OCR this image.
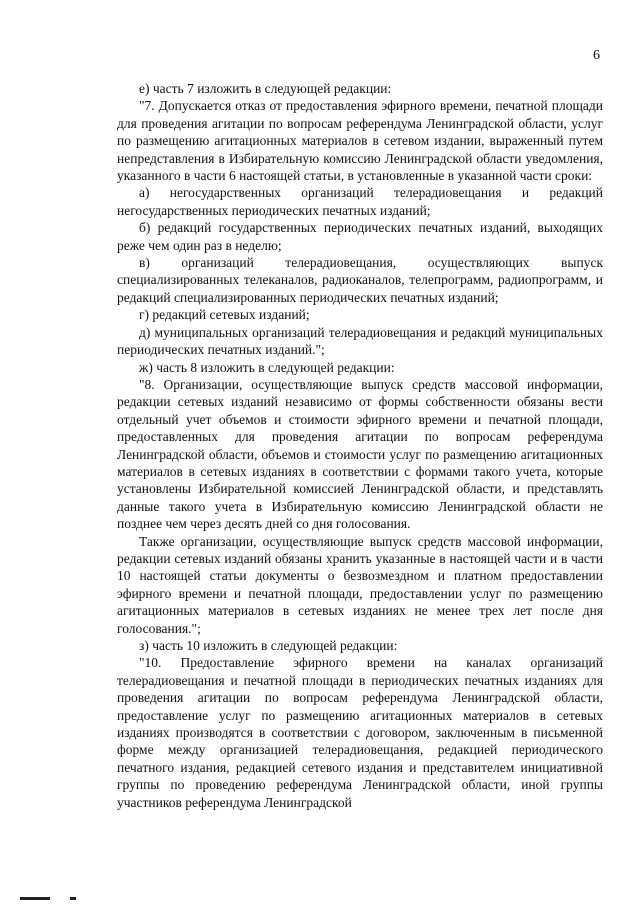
6

е) часть 7 изложить в следующей редакции:

"7. Допускается отказ от предоставления эфирного времени, печатной площади для проведения агитации по вопросам референдума Ленинградской области, услуг по размещению агитационных материалов в сетевом издании, выраженный путем непредставления в Избирательную комиссию Ленинградской области уведомления, указанного в части 6 настоящей статьи, в установленные в указанной части сроки:

а) негосударственных организаций телерадиовещания и редакций негосударственных периодических печатных изданий;

б) редакций государственных периодических печатных изданий, выходящих реже чем один раз в неделю;

в) организаций телерадиовещания, осуществляющих выпуск специализированных телеканалов, радиоканалов, телепрограмм, радиопрограмм, и редакций специализированных периодических печатных изданий;

г) редакций сетевых изданий;

д) муниципальных организаций телерадиовещания и редакций муниципальных периодических печатных изданий.";

ж) часть 8 изложить в следующей редакции:

"8. Организации, осуществляющие выпуск средств массовой информации, редакции сетевых изданий независимо от формы собственности обязаны вести отдельный учет объемов и стоимости эфирного времени и печатной площади, предоставленных для проведения агитации по вопросам референдума Ленинградской области, объемов и стоимости услуг по размещению агитационных материалов в сетевых изданиях в соответствии с формами такого учета, которые установлены Избирательной комиссией Ленинградской области, и представлять данные такого учета в Избирательную комиссию Ленинградской области не позднее чем через десять дней со дня голосования.

Также организации, осуществляющие выпуск средств массовой информации, редакции сетевых изданий обязаны хранить указанные в настоящей части и в части 10 настоящей статьи документы о безвозмездном и платном предоставлении эфирного времени и печатной площади, предоставлении услуг по размещению агитационных материалов в сетевых изданиях не менее трех лет после дня голосования.";

з) часть 10 изложить в следующей редакции:

"10. Предоставление эфирного времени на каналах организаций телерадиовещания и печатной площади в периодических печатных изданиях для проведения агитации по вопросам референдума Ленинградской области, предоставление услуг по размещению агитационных материалов в сетевых изданиях производятся в соответствии с договором, заключенным в письменной форме между организацией телерадиовещания, редакцией периодического печатного издания, редакцией сетевого издания и представителем инициативной группы по проведению референдума Ленинградской области, иной группы участников референдума Ленинградской
